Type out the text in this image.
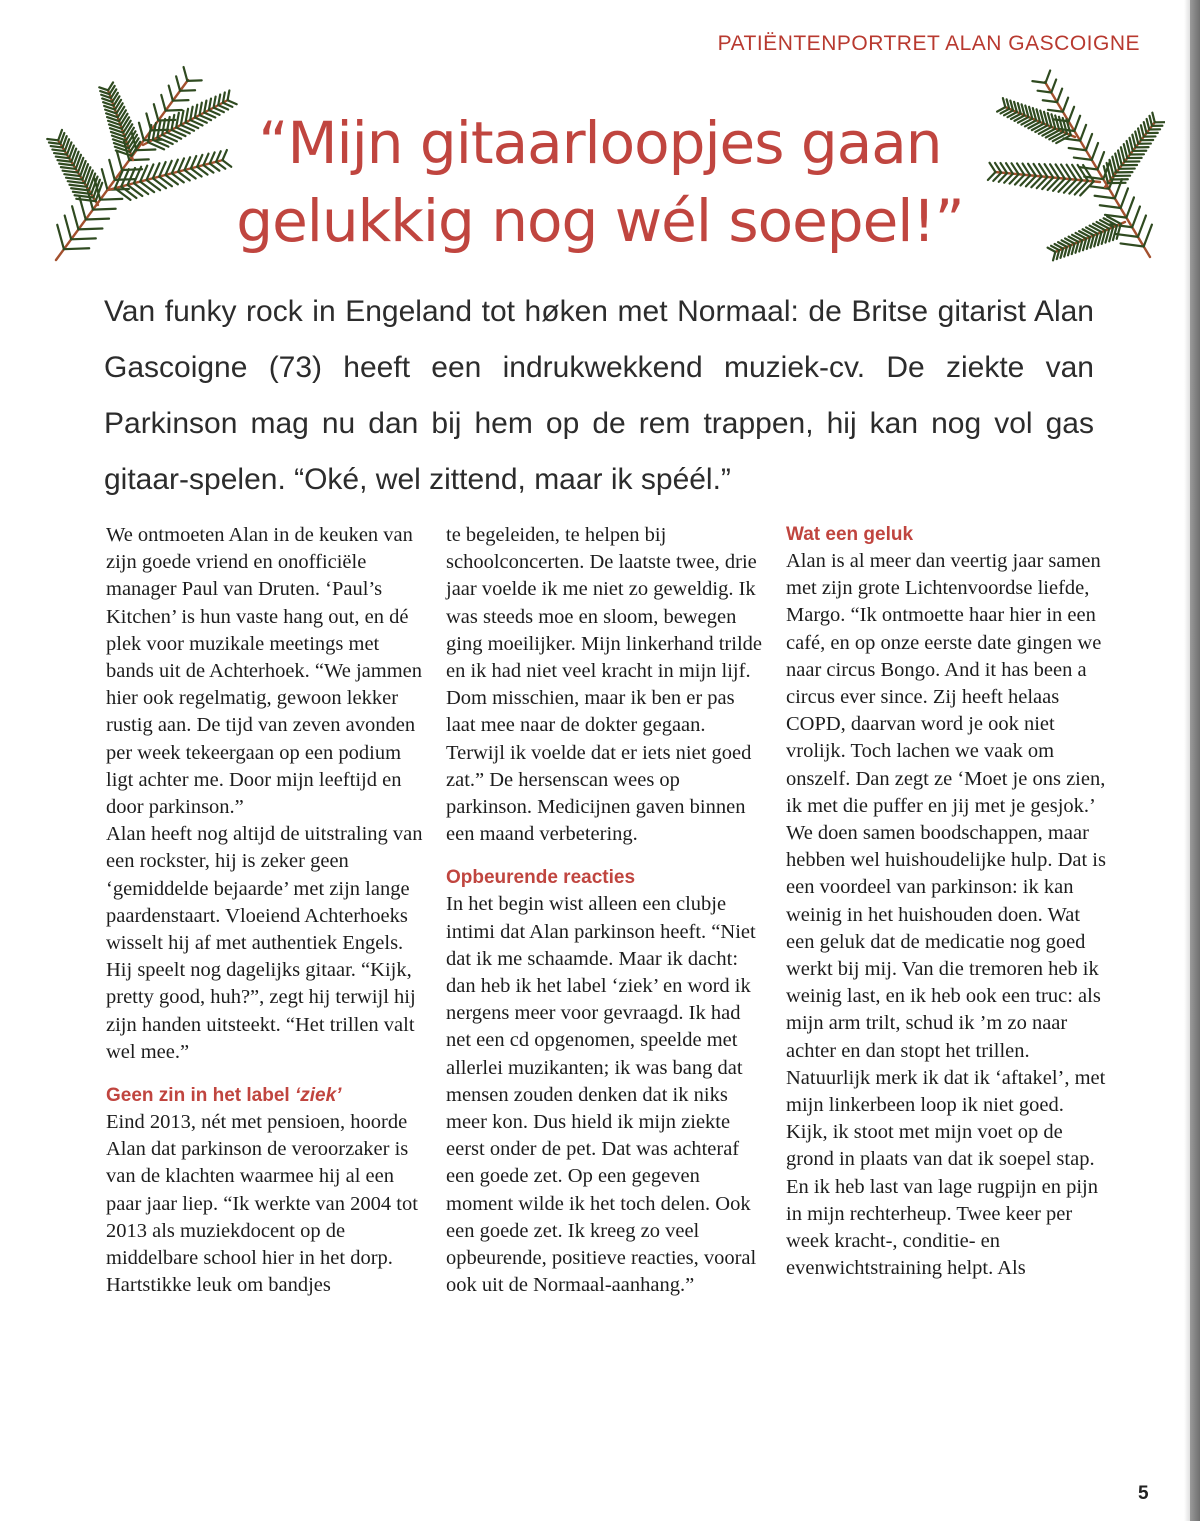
PATIËNTENPORTRET ALAN GASCOIGNE
“Mijn gitaarloopjes gaan
gelukkig nog wél soepel!”

Van funky rock in Engeland tot høken met Normaal: de Britse gitarist Alan Gascoigne (73) heeft een indrukwekkend muziek-cv. De ziekte van Parkinson mag nu dan bij hem op de rem trappen, hij kan nog vol gas gitaar-spelen. “Oké, wel zittend, maar ik spéél.”

We ontmoeten Alan in de keuken van zijn goede vriend en onofficiële manager Paul van Druten. ‘Paul’s Kitchen’ is hun vaste hang out, en dé plek voor muzikale meetings met bands uit de Achterhoek. “We jammen hier ook regelmatig, gewoon lekker rustig aan. De tijd van zeven avonden per week tekeergaan op een podium ligt achter me. Door mijn leeftijd en door parkinson.”

Alan heeft nog altijd de uitstraling van een rockster, hij is zeker geen ‘gemiddelde bejaarde’ met zijn lange paardenstaart. Vloeiend Achterhoeks wisselt hij af met authentiek Engels. Hij speelt nog dagelijks gitaar. “Kijk, pretty good, huh?”, zegt hij terwijl hij zijn handen uitsteekt. “Het trillen valt wel mee.”

Geen zin in het label ‘ziek’

Eind 2013, nét met pensioen, hoorde Alan dat parkinson de veroorzaker is van de klachten waarmee hij al een paar jaar liep. “Ik werkte van 2004 tot 2013 als muziekdocent op de middelbare school hier in het dorp. Hartstikke leuk om bandjes

te begeleiden, te helpen bij schoolconcerten. De laatste twee, drie jaar voelde ik me niet zo geweldig. Ik was steeds moe en sloom, bewegen ging moeilijker. Mijn linkerhand trilde en ik had niet veel kracht in mijn lijf. Dom misschien, maar ik ben er pas laat mee naar de dokter gegaan. Terwijl ik voelde dat er iets niet goed zat.” De hersenscan wees op parkinson. Medicijnen gaven binnen een maand verbetering.

Opbeurende reacties

In het begin wist alleen een clubje intimi dat Alan parkinson heeft. “Niet dat ik me schaamde. Maar ik dacht: dan heb ik het label ‘ziek’ en word ik nergens meer voor gevraagd. Ik had net een cd opgenomen, speelde met allerlei muzikanten; ik was bang dat mensen zouden denken dat ik niks meer kon. Dus hield ik mijn ziekte eerst onder de pet. Dat was achteraf een goede zet. Op een gegeven moment wilde ik het toch delen. Ook een goede zet. Ik kreeg zo veel opbeurende, positieve reacties, vooral ook uit de Normaal-aanhang.”

Wat een geluk

Alan is al meer dan veertig jaar samen met zijn grote Lichtenvoordse liefde, Margo. “Ik ontmoette haar hier in een café, en op onze eerste date gingen we naar circus Bongo. And it has been a circus ever since. Zij heeft helaas COPD, daarvan word je ook niet vrolijk. Toch lachen we vaak om onszelf. Dan zegt ze ‘Moet je ons zien, ik met die puffer en jij met je gesjok.’ We doen samen boodschappen, maar hebben wel huishoudelijke hulp. Dat is een voordeel van parkinson: ik kan weinig in het huishouden doen. Wat een geluk dat de medicatie nog goed werkt bij mij. Van die tremoren heb ik weinig last, en ik heb ook een truc: als mijn arm trilt, schud ik ’m zo naar achter en dan stopt het trillen. Natuurlijk merk ik dat ik ‘aftakel’, met mijn linkerbeen loop ik niet goed. Kijk, ik stoot met mijn voet op de grond in plaats van dat ik soepel stap. En ik heb last van lage rugpijn en pijn in mijn rechterheup. Twee keer per week kracht-, conditie- en evenwichtstraining helpt. Als

5
